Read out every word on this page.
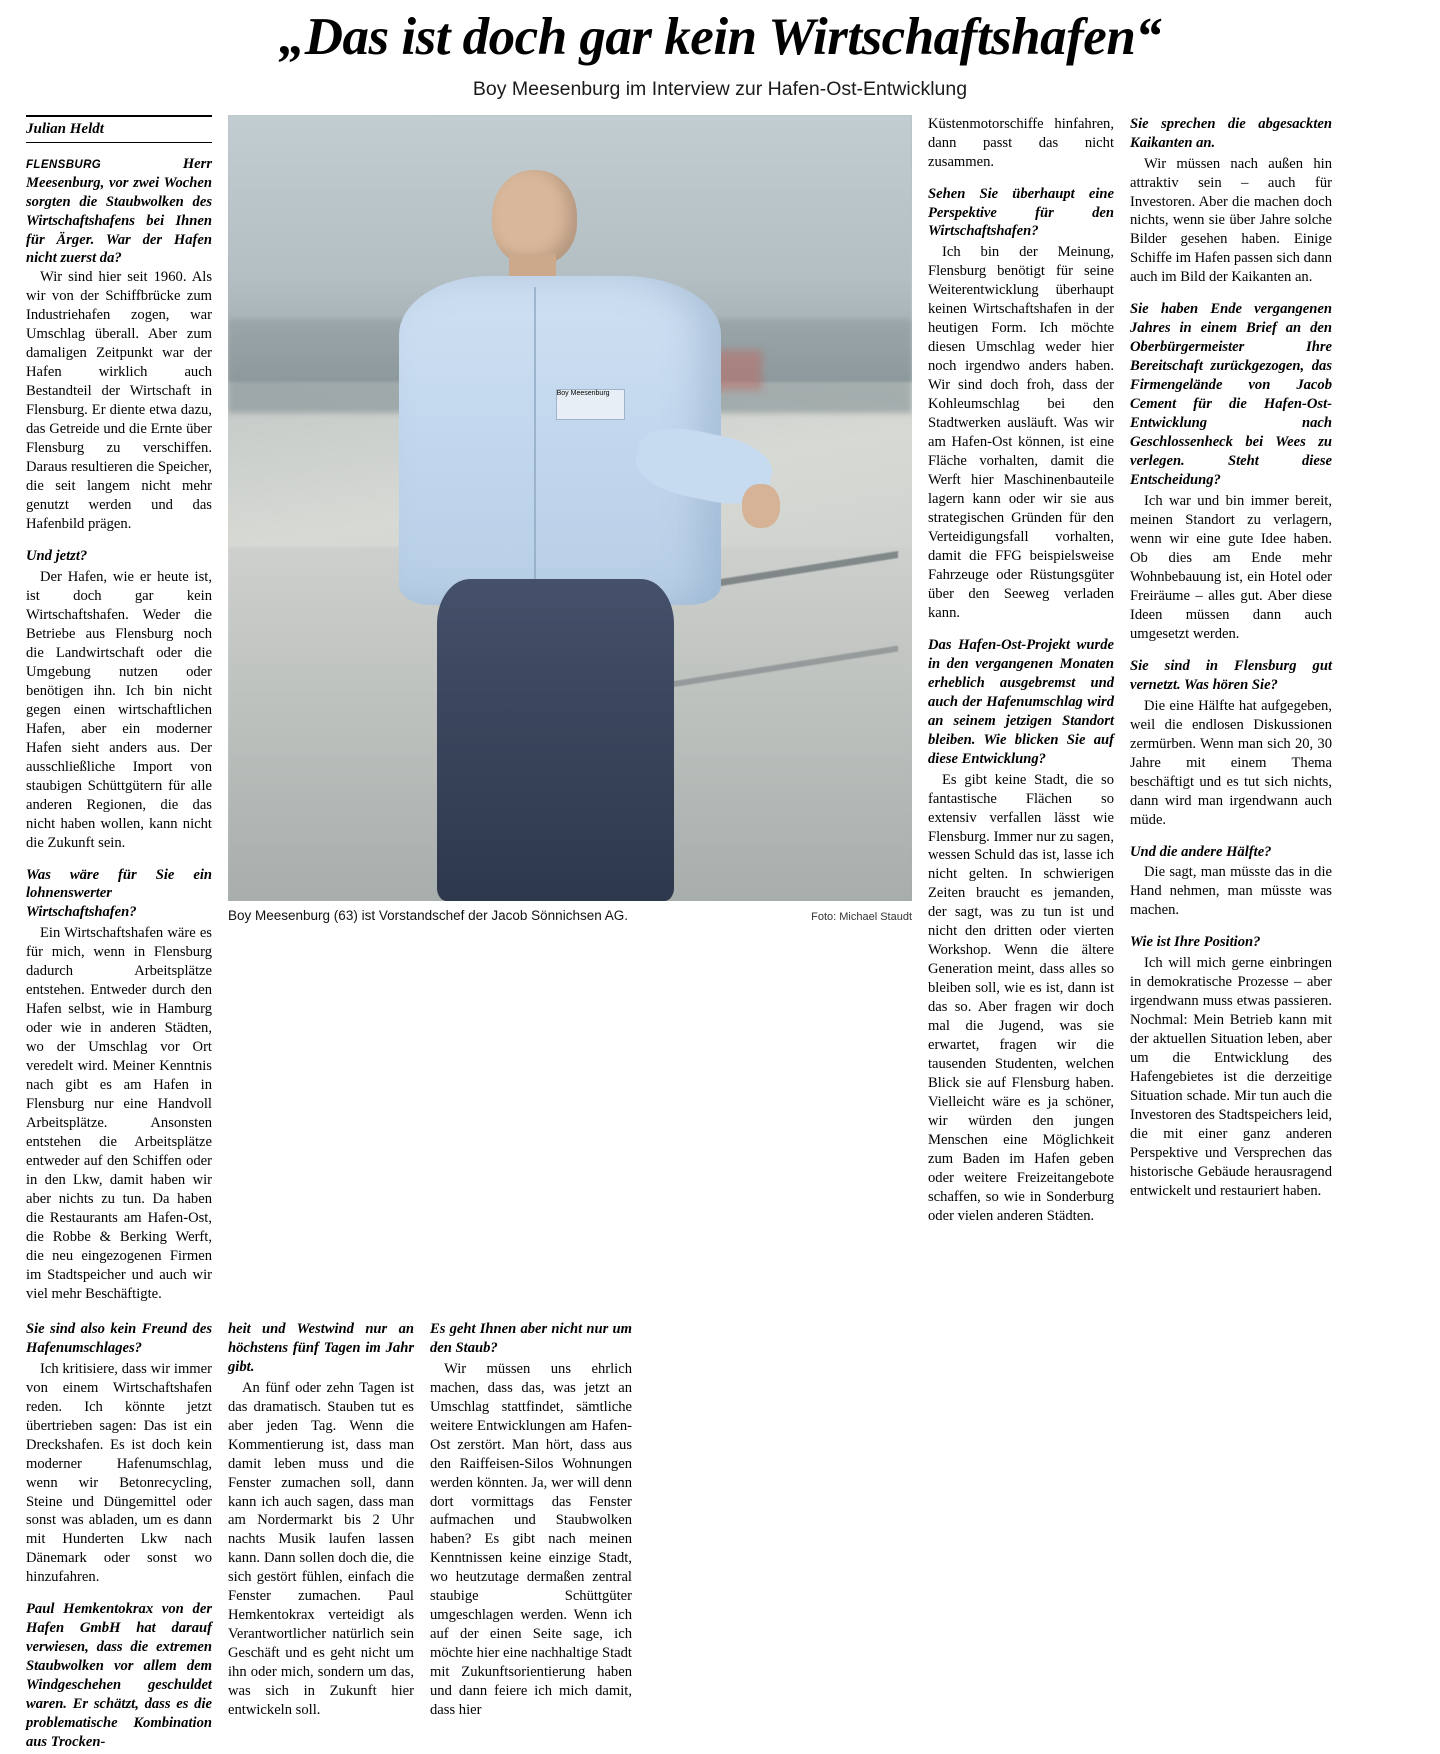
„Das ist doch gar kein Wirtschaftshafen“
Boy Meesenburg im Interview zur Hafen-Ost-Entwicklung
Julian Heldt

FLENSBURG	Herr Meesenburg, vor zwei Wochen sorgten die Staubwolken des Wirtschaftshafens bei Ihnen für Ärger. War der Hafen nicht zuerst da?

Wir sind hier seit 1960. Als wir von der Schiffbrücke zum Industriehafen zogen, war Umschlag überall. Aber zum damaligen Zeitpunkt war der Hafen wirklich auch Bestandteil der Wirtschaft in Flensburg. Er diente etwa dazu, das Getreide und die Ernte über Flensburg zu verschiffen. Daraus resultieren die Speicher, die seit langem nicht mehr genutzt werden und das Hafenbild prägen.

Und jetzt?

Der Hafen, wie er heute ist, ist doch gar kein Wirtschaftshafen. Weder die Betriebe aus Flensburg noch die Landwirtschaft oder die Umgebung nutzen oder benötigen ihn. Ich bin nicht gegen einen wirtschaftlichen Hafen, aber ein moderner Hafen sieht anders aus. Der ausschließliche Import von staubigen Schüttgütern für alle anderen Regionen, die das nicht haben wollen, kann nicht die Zukunft sein.

Was wäre für Sie ein lohnenswerter Wirtschaftshafen?

Ein Wirtschaftshafen wäre es für mich, wenn in Flensburg dadurch Arbeitsplätze entstehen. Entweder durch den Hafen selbst, wie in Hamburg oder wie in anderen Städten, wo der Umschlag vor Ort veredelt wird. Meiner Kenntnis nach gibt es am Hafen in Flensburg nur eine Handvoll Arbeitsplätze. Ansonsten entstehen die Arbeitsplätze entweder auf den Schiffen oder in den Lkw, damit haben wir aber nichts zu tun. Da haben die Restaurants am Hafen-Ost, die Robbe & Berking Werft, die neu eingezogenen Firmen im Stadtspeicher und auch wir viel mehr Beschäftigte.

Boy Meesenburg
Boy Meesenburg (63) ist Vorstandschef der Jacob Sönnichsen AG.	Foto: Michael Staudt

Küstenmotorschiffe hinfahren, dann passt das nicht zusammen.

Sehen Sie überhaupt eine Perspektive für den Wirtschaftshafen?

Ich bin der Meinung, Flensburg benötigt für seine Weiterentwicklung überhaupt keinen Wirtschaftshafen in der heutigen Form. Ich möchte diesen Umschlag weder hier noch irgendwo anders haben. Wir sind doch froh, dass der Kohleumschlag bei den Stadtwerken ausläuft. Was wir am Hafen-Ost können, ist eine Fläche vorhalten, damit die Werft hier Maschinenbauteile lagern kann oder wir sie aus strategischen Gründen für den Verteidigungsfall vorhalten, damit die FFG beispielsweise Fahrzeuge oder Rüstungsgüter über den Seeweg verladen kann.

Das Hafen-Ost-Projekt wurde in den vergangenen Monaten erheblich ausgebremst und auch der Hafenumschlag wird an seinem jetzigen Standort bleiben. Wie blicken Sie auf diese Entwicklung?

Es gibt keine Stadt, die so fantastische Flächen so extensiv verfallen lässt wie Flensburg. Immer nur zu sagen, wessen Schuld das ist, lasse ich nicht gelten. In schwierigen Zeiten braucht es jemanden, der sagt, was zu tun ist und nicht den dritten oder vierten Workshop. Wenn die ältere Generation meint, dass alles so bleiben soll, wie es ist, dann ist das so. Aber fragen wir doch mal die Jugend, was sie erwartet, fragen wir die tausenden Studenten, welchen Blick sie auf Flensburg haben. Vielleicht wäre es ja schöner, wir würden den jungen Menschen eine Möglichkeit zum Baden im Hafen geben oder weitere Freizeitangebote schaffen, so wie in Sonderburg oder vielen anderen Städten.

Sie sprechen die abgesackten Kaikanten an.

Wir müssen nach außen hin attraktiv sein – auch für Investoren. Aber die machen doch nichts, wenn sie über Jahre solche Bilder gesehen haben. Einige Schiffe im Hafen passen sich dann auch im Bild der Kaikanten an.

Sie haben Ende vergangenen Jahres in einem Brief an den Oberbürgermeister Ihre Bereitschaft zurückgezogen, das Firmengelände von Jacob Cement für die Hafen-Ost-Entwicklung nach Geschlossenheck bei Wees zu verlegen. Steht diese Entscheidung?

Ich war und bin immer bereit, meinen Standort zu verlagern, wenn wir eine gute Idee haben. Ob dies am Ende mehr Wohnbebauung ist, ein Hotel oder Freiräume – alles gut. Aber diese Ideen müssen dann auch umgesetzt werden.

Sie sind in Flensburg gut vernetzt. Was hören Sie?

Die eine Hälfte hat aufgegeben, weil die endlosen Diskussionen zermürben. Wenn man sich 20, 30 Jahre mit einem Thema beschäftigt und es tut sich nichts, dann wird man irgendwann auch müde.

Und die andere Hälfte?

Die sagt, man müsste das in die Hand nehmen, man müsste was machen.

Wie ist Ihre Position?

Ich will mich gerne einbringen in demokratische Prozesse – aber irgendwann muss etwas passieren. Nochmal: Mein Betrieb kann mit der aktuellen Situation leben, aber um die Entwicklung des Hafengebietes ist die derzeitige Situation schade. Mir tun auch die Investoren des Stadtspeichers leid, die mit einer ganz anderen Perspektive und Versprechen das historische Gebäude herausragend entwickelt und restauriert haben.

Sie sind also kein Freund des Hafenumschlages?

Ich kritisiere, dass wir immer von einem Wirtschaftshafen reden. Ich könnte jetzt übertrieben sagen: Das ist ein Dreckshafen. Es ist doch kein moderner Hafenumschlag, wenn wir Betonrecycling, Steine und Düngemittel oder sonst was abladen, um es dann mit Hunderten Lkw nach Dänemark oder sonst wo hinzufahren.

Paul Hemkentokrax von der Hafen GmbH hat darauf verwiesen, dass die extremen Staubwolken vor allem dem Windgeschehen geschuldet waren. Er schätzt, dass es die problematische Kombination aus Trocken-

heit und Westwind nur an höchstens fünf Tagen im Jahr gibt.

An fünf oder zehn Tagen ist das dramatisch. Stauben tut es aber jeden Tag. Wenn die Kommentierung ist, dass man damit leben muss und die Fenster zumachen soll, dann kann ich auch sagen, dass man am Nordermarkt bis 2 Uhr nachts Musik laufen lassen kann. Dann sollen doch die, die sich gestört fühlen, einfach die Fenster zumachen. Paul Hemkentokrax verteidigt als Verantwortlicher natürlich sein Geschäft und es geht nicht um ihn oder mich, sondern um das, was sich in Zukunft hier entwickeln soll.

Es geht Ihnen aber nicht nur um den Staub?

Wir müssen uns ehrlich machen, dass das, was jetzt an Umschlag stattfindet, sämtliche weitere Entwicklungen am Hafen-Ost zerstört. Man hört, dass aus den Raiffeisen-Silos Wohnungen werden könnten. Ja, wer will denn dort vormittags das Fenster aufmachen und Staubwolken haben? Es gibt nach meinen Kenntnissen keine einzige Stadt, wo heutzutage dermaßen zentral staubige Schüttgüter umgeschlagen werden. Wenn ich auf der einen Seite sage, ich möchte hier eine nachhaltige Stadt mit Zukunftsorientierung haben und dann feiere ich mich damit, dass hier
